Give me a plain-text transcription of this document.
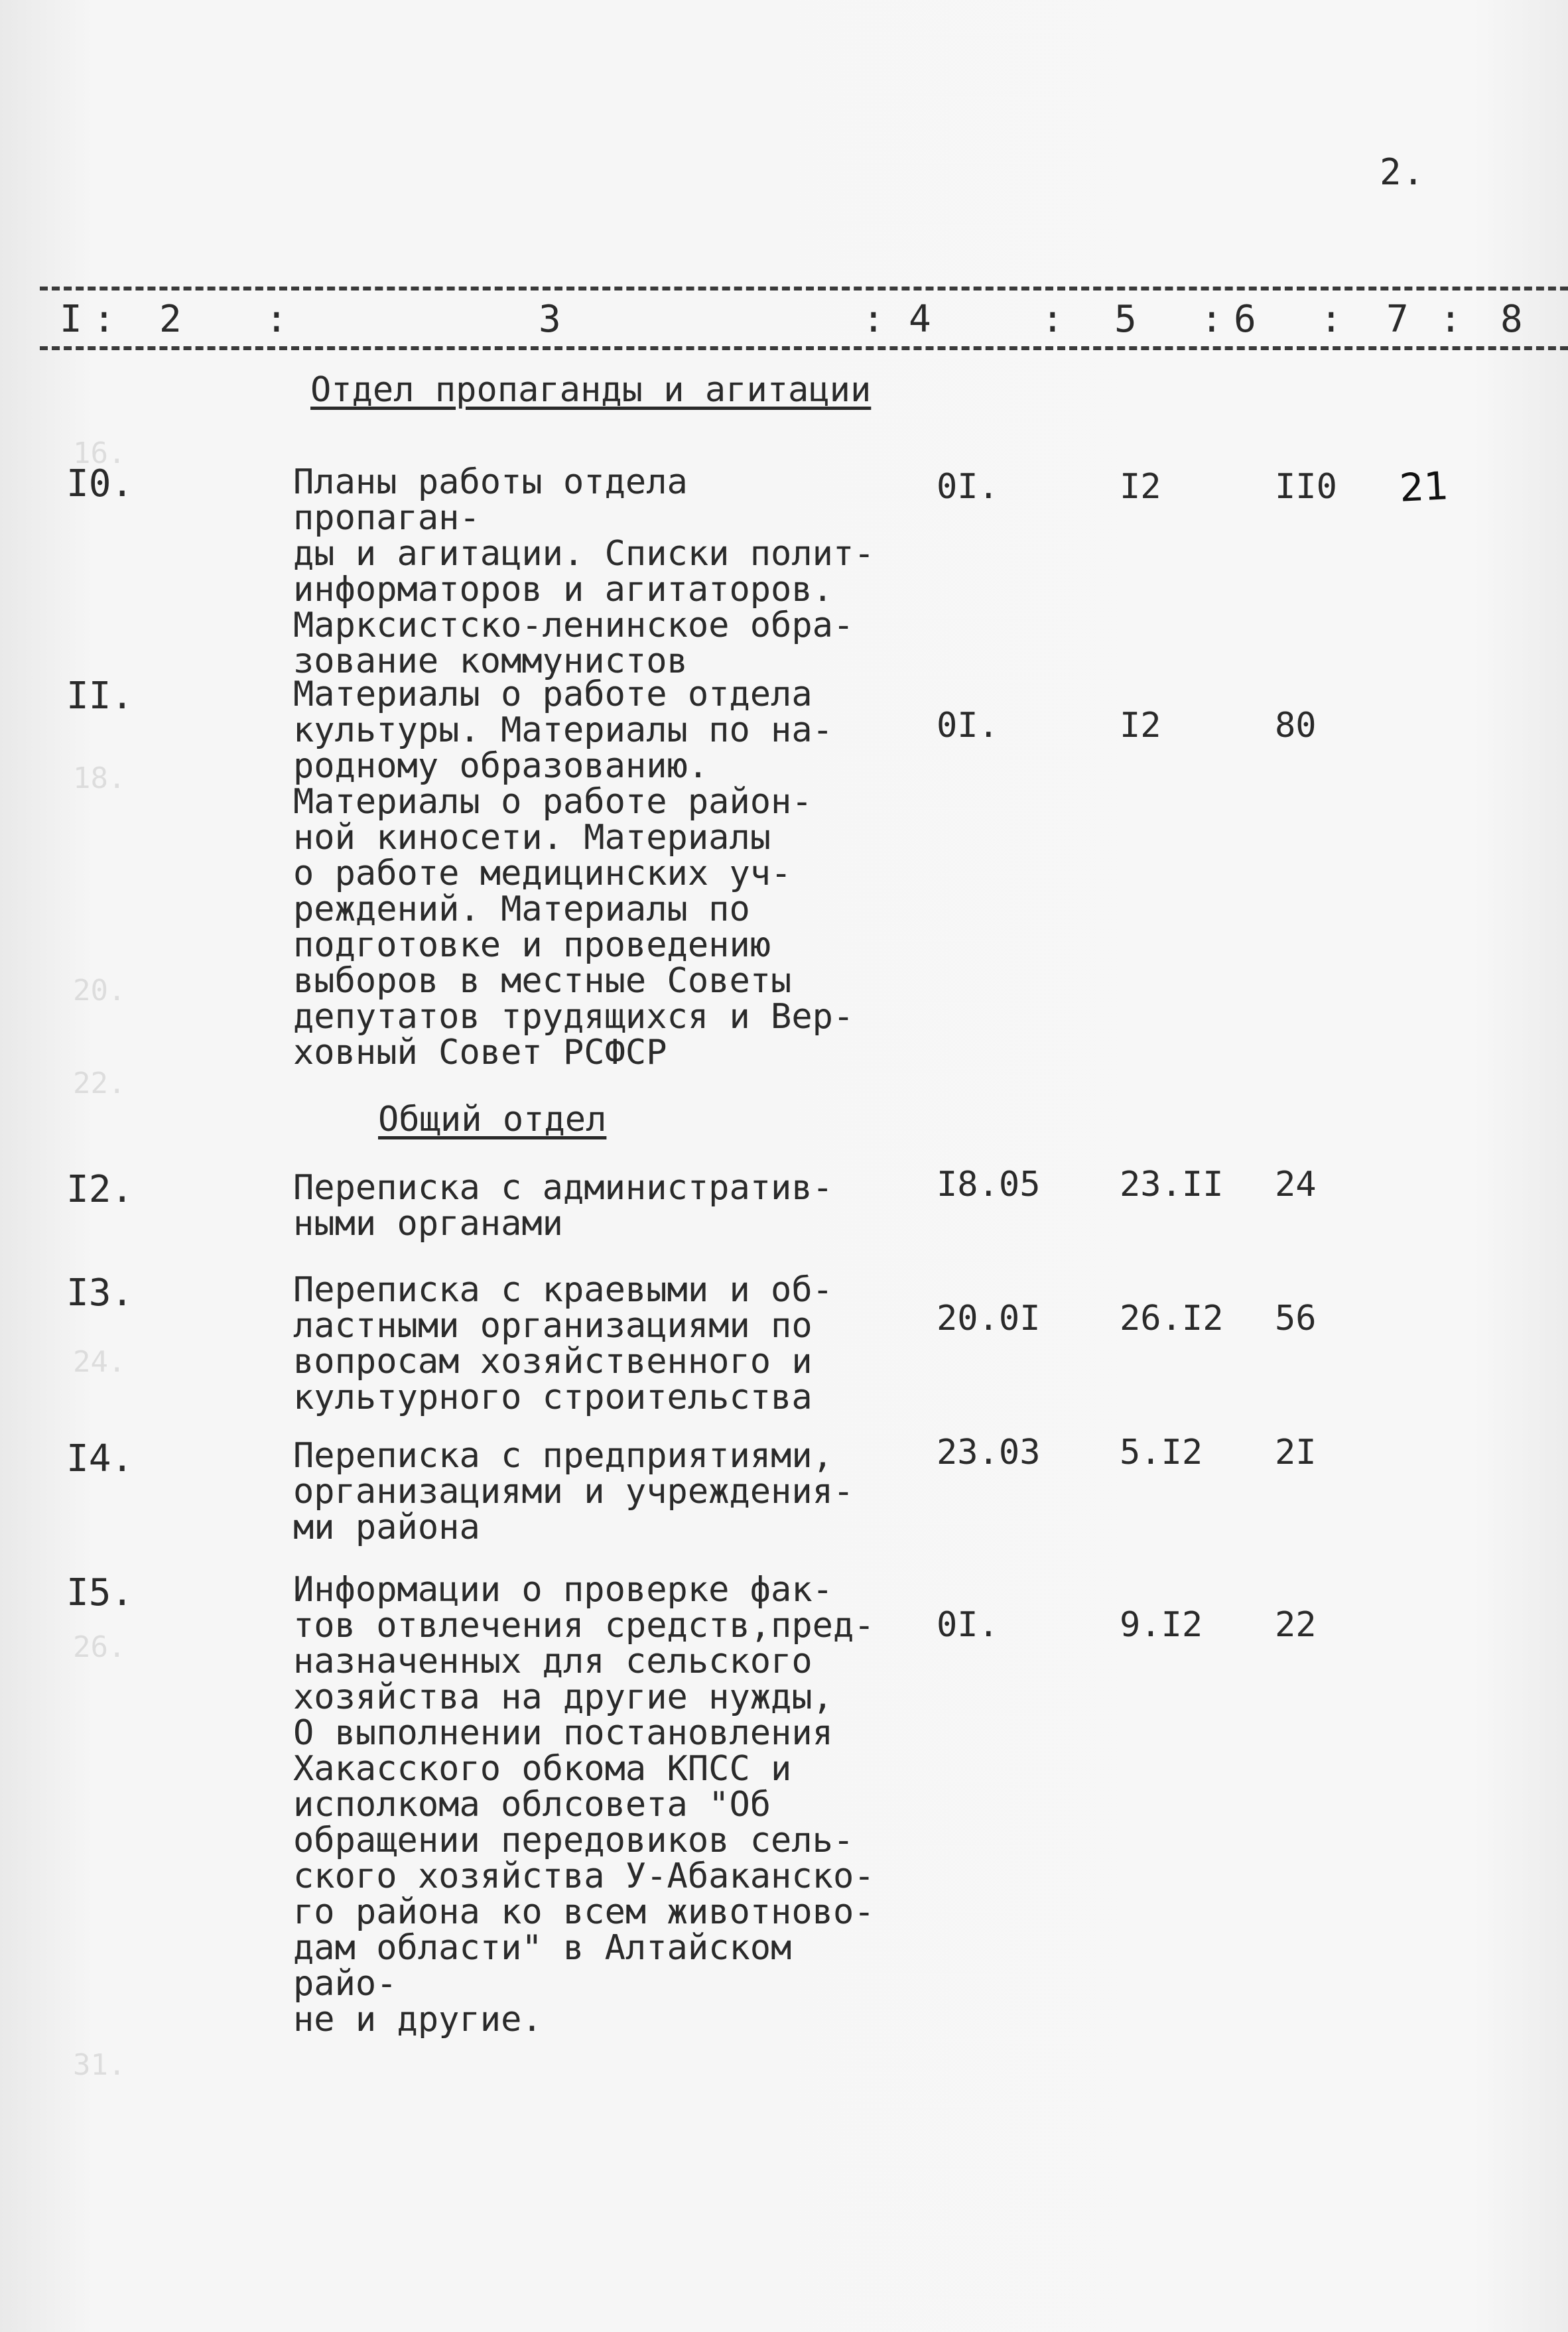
16.
18.
20.
22.
24.
26.
31.
2.
I : 2 :	3	: 4	: 5 : 6 : 7 : 8
Отдел пропаганды и агитации
I0.	Планы работы отдела пропаган-
ды и агитации. Списки полит-
информаторов и агитаторов.
Марксистско-ленинское обра-
зование коммунистов
0I.	I2	II0 21
II.	Материалы о работе отдела
культуры. Материалы по на-
родному образованию.
Материалы о работе район-
ной киносети. Материалы
о работе медицинских уч-
реждений. Материалы по
подготовке и проведению
выборов в местные Советы
депутатов трудящихся и Вер-
ховный Совет РСФСР
0I.	I2	80
Общий отдел
I2.	Переписка с административ-
ными органами
I8.05 23.II 24
I3.	Переписка с краевыми и об-
ластными организациями по
вопросам хозяйственного и
культурного строительства
20.0I 26.I2 56
I4.	Переписка с предприятиями,
организациями и учреждения-
ми района
23.03 5.I2 2I
I5.	Информации о проверке фак-
тов отвлечения средств,пред-
назначенных для сельского
хозяйства на другие нужды,
О выполнении постановления
Хакасского обкома КПСС и
исполкома облсовета "Об
обращении передовиков сель-
ского хозяйства У-Абаканско-
го района ко всем животново-
дам области" в Алтайском райо-
не и другие.
0I.	9.I2 22
